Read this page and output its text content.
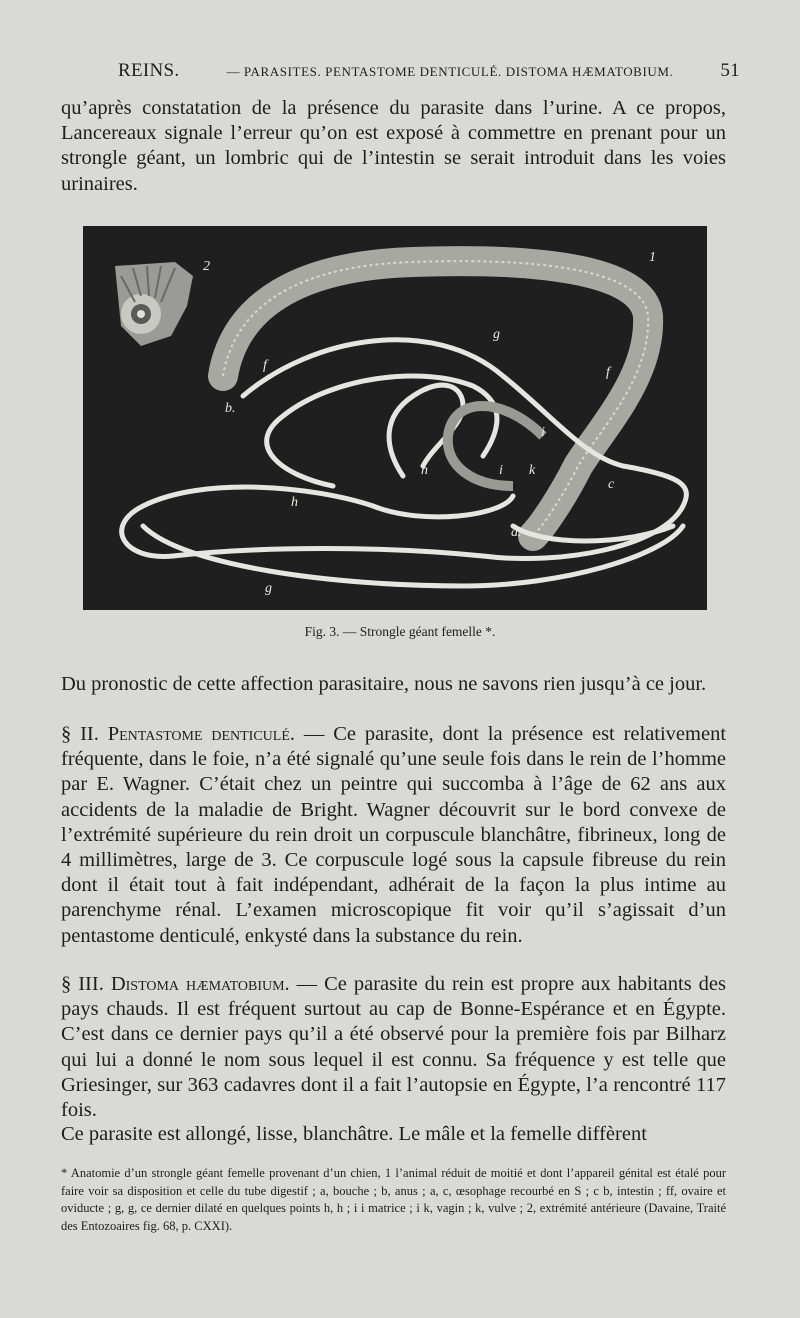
REINS.	— PARASITES. PENTASTOME DENTICULÉ. DISTOMA HÆMATOBIUM. 51
qu’après constatation de la présence du parasite dans l’urine. A ce propos, Lancereaux signale l’erreur qu’on est exposé à commettre en prenant pour un strongle géant, un lombric qui de l’intestin se serait introduit dans les voies urinaires.
1
2
a.
b.
c
f	f
g
g
h
h
i
i k
Fig. 3. — Strongle géant femelle *.
Du pronostic de cette affection parasitaire, nous ne savons rien jusqu’à ce jour.
§ II. Pentastome denticulé. — Ce parasite, dont la présence est relativement fréquente, dans le foie, n’a été signalé qu’une seule fois dans le rein de l’homme par E. Wagner. C’était chez un peintre qui succomba à l’âge de 62 ans aux accidents de la maladie de Bright. Wagner découvrit sur le bord convexe de l’extrémité supérieure du rein droit un corpuscule blanchâtre, fibrineux, long de 4 millimètres, large de 3. Ce corpuscule logé sous la capsule fibreuse du rein dont il était tout à fait indépendant, adhérait de la façon la plus intime au parenchyme rénal. L’examen microscopique fit voir qu’il s’agissait d’un pentastome denticulé, enkysté dans la substance du rein.
§ III. Distoma hæmatobium. — Ce parasite du rein est propre aux habitants des pays chauds. Il est fréquent surtout au cap de Bonne-Espérance et en Égypte. C’est dans ce dernier pays qu’il a été observé pour la première fois par Bilharz qui lui a donné le nom sous lequel il est connu. Sa fréquence y est telle que Griesinger, sur 363 cadavres dont il a fait l’autopsie en Égypte, l’a rencontré 117 fois.
Ce parasite est allongé, lisse, blanchâtre. Le mâle et la femelle diffèrent
* Anatomie d’un strongle géant femelle provenant d’un chien, 1 l’animal réduit de moitié et dont l’appareil génital est étalé pour faire voir sa disposition et celle du tube digestif ; a, bouche ; b, anus ; a, c, œsophage recourbé en S ; c b, intestin ; ff, ovaire et oviducte ; g, g, ce dernier dilaté en quelques points h, h ; i i matrice ; i k, vagin ; k, vulve ; 2, extrémité antérieure (Davaine, Traité des Entozoaires fig. 68, p. CXXI).
